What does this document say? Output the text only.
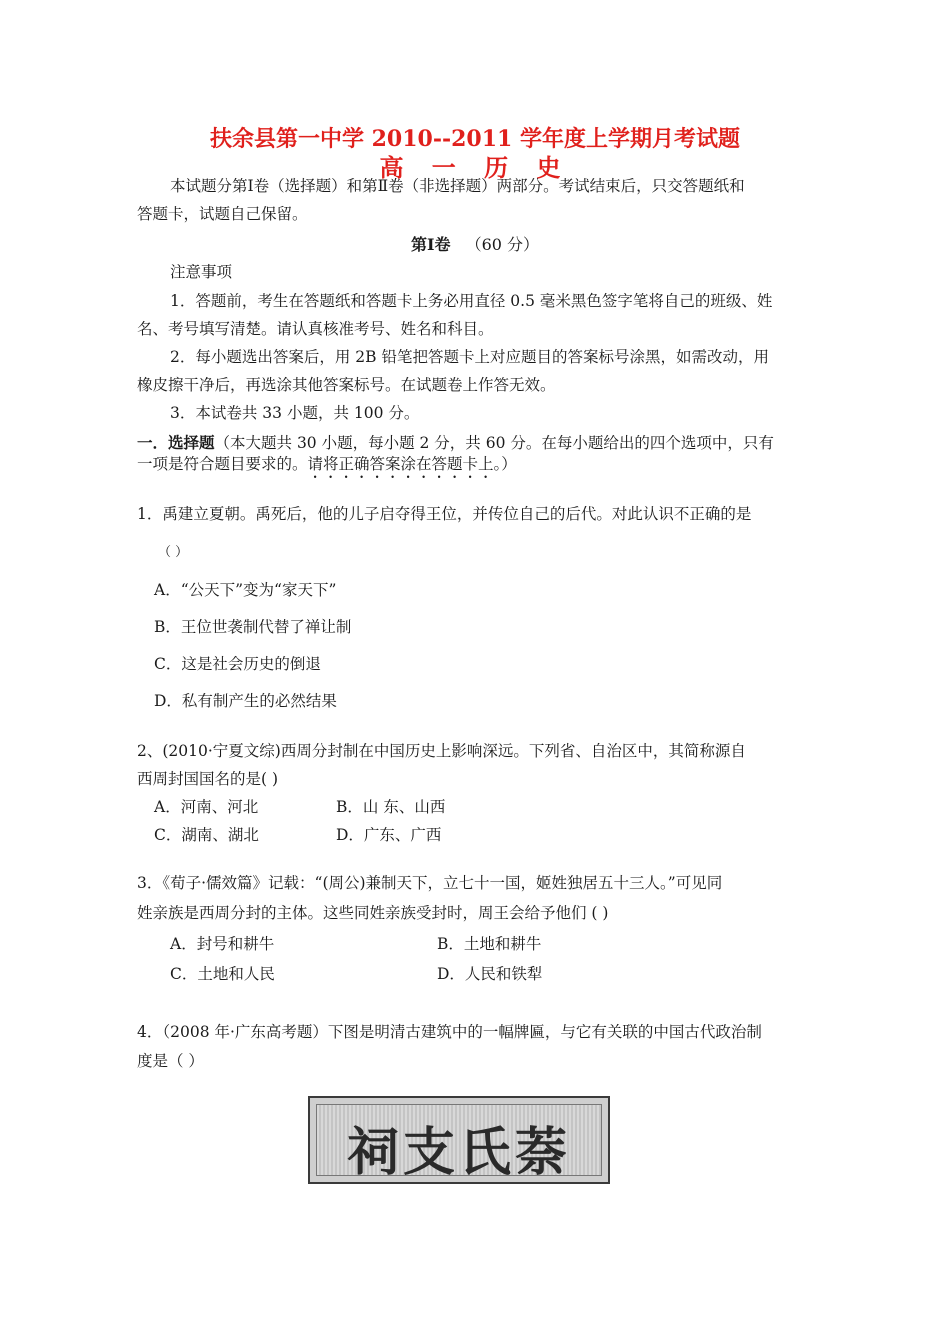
扶余县第一中学 2010--2011 学年度上学期月考试题
高 一 历 史
本试题分第Ⅰ卷（选择题）和第Ⅱ卷（非选择题）两部分。考试结束后，只交答题纸和
答题卡，试题自己保留。
第Ⅰ卷 （60 分）
注意事项
1．答题前，考生在答题纸和答题卡上务必用直径 0.5 毫米黑色签字笔将自己的班级、姓
名、考号填写清楚。请认真核准考号、姓名和科目。
2．每小题选出答案后，用 2B 铅笔把答题卡上对应题目的答案标号涂黑，如需改动，用
橡皮擦干净后，再选涂其他答案标号。在试题卷上作答无效。
3．本试卷共 33 小题，共 100 分。
一．选择题（本大题共 30 小题，每小题 2 分，共 60 分。在每小题给出的四个选项中，只有
一项是符合题目要求的。请将正确答案涂在答题卡上。）
1．禹建立夏朝。禹死后，他的儿子启夺得王位，并传位自己的后代。对此认识不正确的是
（ ）
A．“公天下”变为“家天下”
B．王位世袭制代替了禅让制
C．这是社会历史的倒退
D．私有制产生的必然结果
2、(2010·宁夏文综)西周分封制在中国历史上影响深远。下列省、自治区中，其简称源自
西周封国国名的是( )
A．河南、河北	B．山 东、山西
C．湖南、湖北	D．广东、广西
3．《荀子·儒效篇》记载：“(周公)兼制天下，立七十一国，姬姓独居五十三人。”可见同
姓亲族是西周分封的主体。这些同姓亲族受封时，周王会给予他们 ( )
A．封号和耕牛	B．土地和耕牛
C．土地和人民	D．人民和铁犁
4．（2008 年·广东高考题）下图是明清古建筑中的一幅牌匾，与它有关联的中国古代政治制
度是（ ）
祠支氏萘
